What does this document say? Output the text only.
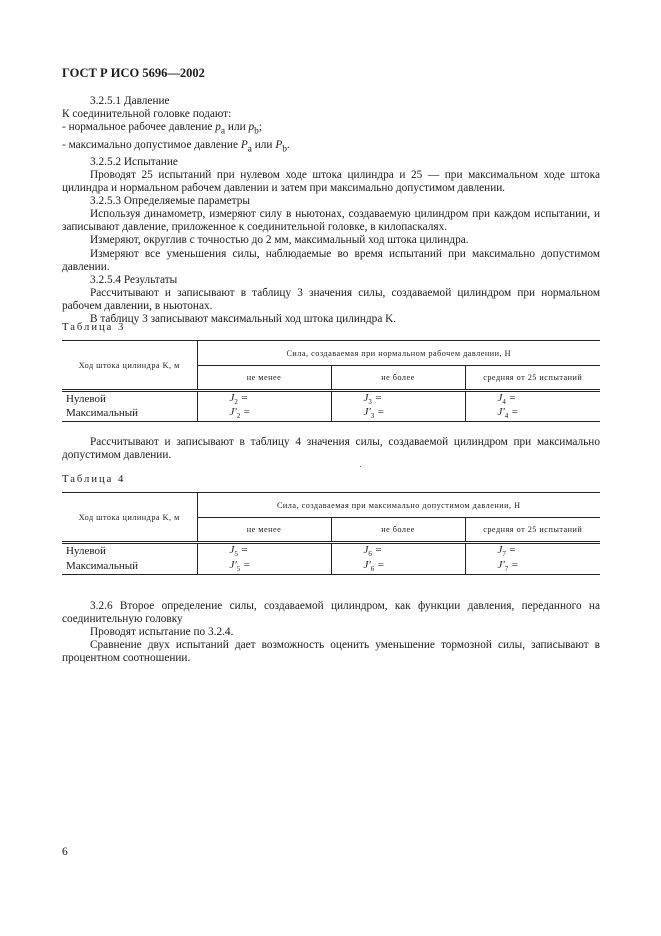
ГОСТ Р ИСО 5696—2002

3.2.5.1 Давление

К соединительной головке подают:

- нормальное рабочее давление $p_a$ или $p_b$;

- максимально допустимое давление $P_a$ или $P_b$.

3.2.5.2 Испытание

Проводят 25 испытаний при нулевом ходе штока цилиндра и 25 — при максимальном ходе штока цилиндра и нормальном рабочем давлении и затем при максимально допустимом давлении.

3.2.5.3 Определяемые параметры

Используя динамометр, измеряют силу в ньютонах, создаваемую цилиндром при каждом испытании, и записывают давление, приложенное к соединительной головке, в килопаскалях.

Измеряют, округлив с точностью до 2 мм, максимальный ход штока цилиндра.

Измеряют все уменьшения силы, наблюдаемые во время испытаний при максимально допустимом давлении.

3.2.5.4 Результаты

Рассчитывают и записывают в таблицу 3 значения силы, создаваемой цилиндром при нормальном рабочем давлении, в ньютонах.

В таблицу 3 записывают максимальный ход штока цилиндра K.

Таблица 3
Ход штока цилиндра K, м	Сила, создаваемая при нормальном рабочем давлении, Н		
	не менее	не более	средняя от 25 испытаний
Нулевой	$J_2$ =	$J_3$ =	$J_4$ =
Максимальный	$J'_2$ =	$J'_3$ =	$J'_4$ =

Рассчитывают и записывают в таблицу 4 значения силы, создаваемой цилиндром при максимально допустимом давлении.

Таблица 4
Ход штока цилиндра K, м	Сила, создаваемая при максимально допустимом давлении, Н		
	не менее	не более	средняя от 25 испытаний
Нулевой	$J_5$ =	$J_6$ =	$J_7$ =
Максимальный	$J'_5$ =	$J'_6$ =	$J'_7$ =

3.2.6 Второе определение силы, создаваемой цилиндром, как функции давления, переданного на соединительную головку

Проводят испытание по 3.2.4.

Сравнение двух испытаний дает возможность оценить уменьшение тормозной силы, записывают в процентном соотношении.

6
